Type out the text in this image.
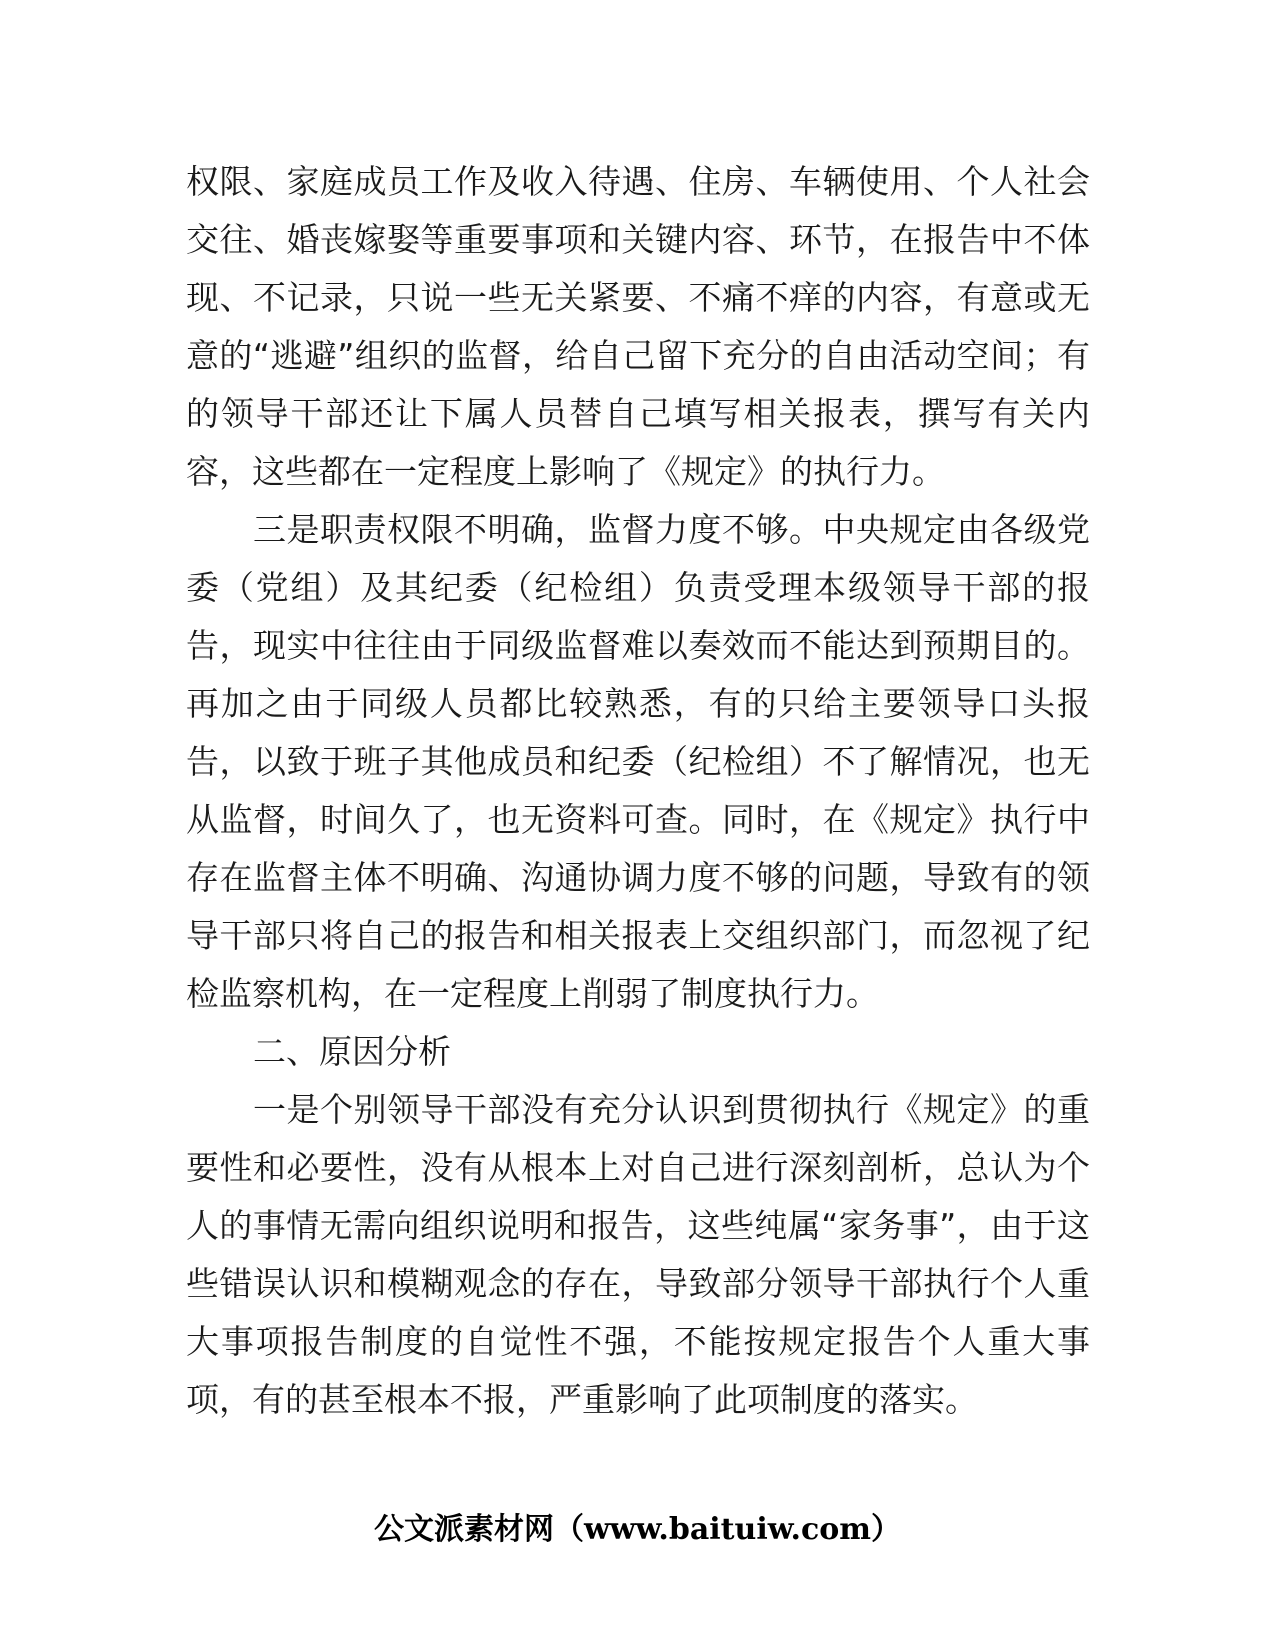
权限、家庭成员工作及收入待遇、住房、车辆使用、个人社会交往、婚丧嫁娶等重要事项和关键内容、环节，在报告中不体现、不记录，只说一些无关紧要、不痛不痒的内容，有意或无意的“逃避”组织的监督，给自己留下充分的自由活动空间；有的领导干部还让下属人员替自己填写相关报表，撰写有关内容，这些都在一定程度上影响了《规定》的执行力。

三是职责权限不明确，监督力度不够。中央规定由各级党委（党组）及其纪委（纪检组）负责受理本级领导干部的报告，现实中往往由于同级监督难以奏效而不能达到预期目的。再加之由于同级人员都比较熟悉，有的只给主要领导口头报告，以致于班子其他成员和纪委（纪检组）不了解情况，也无从监督，时间久了，也无资料可查。同时，在《规定》执行中存在监督主体不明确、沟通协调力度不够的问题，导致有的领导干部只将自己的报告和相关报表上交组织部门，而忽视了纪检监察机构，在一定程度上削弱了制度执行力。

二、原因分析

一是个别领导干部没有充分认识到贯彻执行《规定》的重要性和必要性，没有从根本上对自己进行深刻剖析，总认为个人的事情无需向组织说明和报告，这些纯属“家务事”，由于这些错误认识和模糊观念的存在，导致部分领导干部执行个人重大事项报告制度的自觉性不强，不能按规定报告个人重大事项，有的甚至根本不报，严重影响了此项制度的落实。

公文派素材网（www.baituiw.com）
